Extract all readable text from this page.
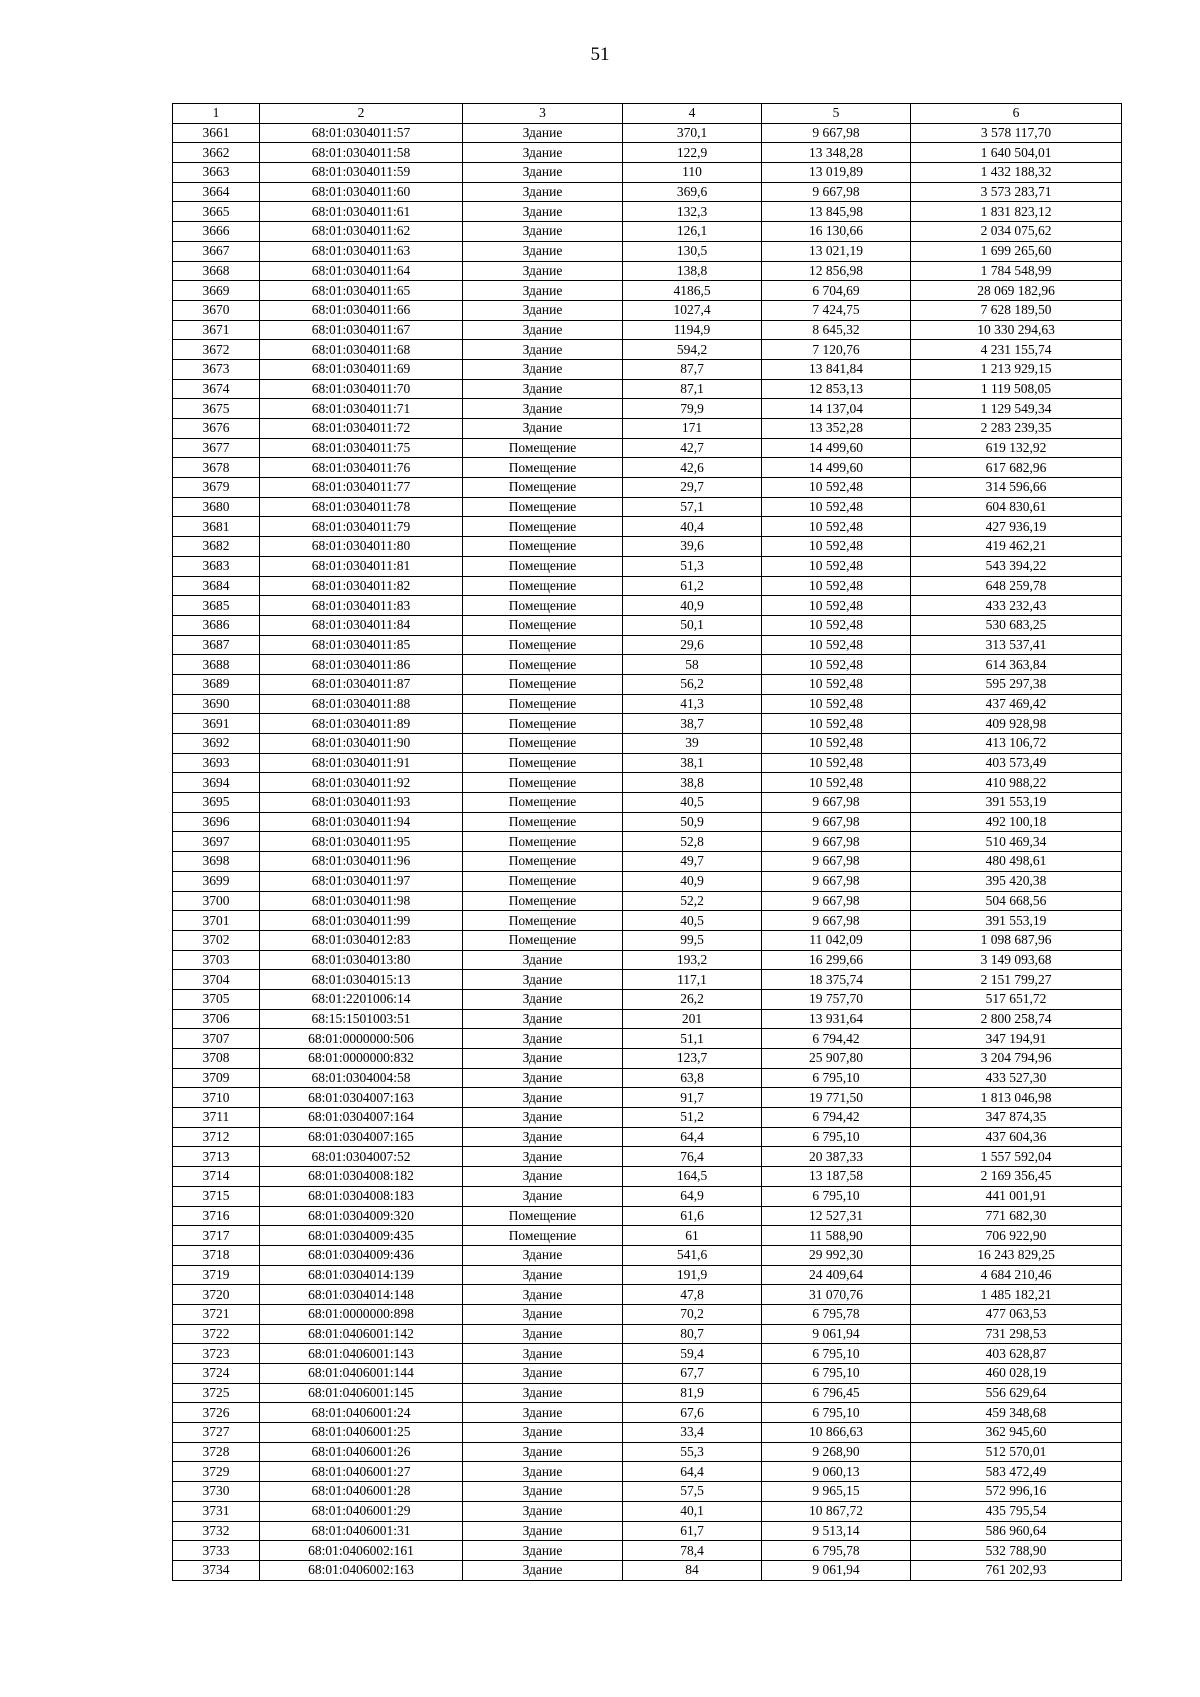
51
1	2	3	4	5	6
3661	68:01:0304011:57	Здание	370,1	9 667,98	3 578 117,70
3662	68:01:0304011:58	Здание	122,9	13 348,28	1 640 504,01
3663	68:01:0304011:59	Здание	110	13 019,89	1 432 188,32
3664	68:01:0304011:60	Здание	369,6	9 667,98	3 573 283,71
3665	68:01:0304011:61	Здание	132,3	13 845,98	1 831 823,12
3666	68:01:0304011:62	Здание	126,1	16 130,66	2 034 075,62
3667	68:01:0304011:63	Здание	130,5	13 021,19	1 699 265,60
3668	68:01:0304011:64	Здание	138,8	12 856,98	1 784 548,99
3669	68:01:0304011:65	Здание	4186,5	6 704,69	28 069 182,96
3670	68:01:0304011:66	Здание	1027,4	7 424,75	7 628 189,50
3671	68:01:0304011:67	Здание	1194,9	8 645,32	10 330 294,63
3672	68:01:0304011:68	Здание	594,2	7 120,76	4 231 155,74
3673	68:01:0304011:69	Здание	87,7	13 841,84	1 213 929,15
3674	68:01:0304011:70	Здание	87,1	12 853,13	1 119 508,05
3675	68:01:0304011:71	Здание	79,9	14 137,04	1 129 549,34
3676	68:01:0304011:72	Здание	171	13 352,28	2 283 239,35
3677	68:01:0304011:75	Помещение	42,7	14 499,60	619 132,92
3678	68:01:0304011:76	Помещение	42,6	14 499,60	617 682,96
3679	68:01:0304011:77	Помещение	29,7	10 592,48	314 596,66
3680	68:01:0304011:78	Помещение	57,1	10 592,48	604 830,61
3681	68:01:0304011:79	Помещение	40,4	10 592,48	427 936,19
3682	68:01:0304011:80	Помещение	39,6	10 592,48	419 462,21
3683	68:01:0304011:81	Помещение	51,3	10 592,48	543 394,22
3684	68:01:0304011:82	Помещение	61,2	10 592,48	648 259,78
3685	68:01:0304011:83	Помещение	40,9	10 592,48	433 232,43
3686	68:01:0304011:84	Помещение	50,1	10 592,48	530 683,25
3687	68:01:0304011:85	Помещение	29,6	10 592,48	313 537,41
3688	68:01:0304011:86	Помещение	58	10 592,48	614 363,84
3689	68:01:0304011:87	Помещение	56,2	10 592,48	595 297,38
3690	68:01:0304011:88	Помещение	41,3	10 592,48	437 469,42
3691	68:01:0304011:89	Помещение	38,7	10 592,48	409 928,98
3692	68:01:0304011:90	Помещение	39	10 592,48	413 106,72
3693	68:01:0304011:91	Помещение	38,1	10 592,48	403 573,49
3694	68:01:0304011:92	Помещение	38,8	10 592,48	410 988,22
3695	68:01:0304011:93	Помещение	40,5	9 667,98	391 553,19
3696	68:01:0304011:94	Помещение	50,9	9 667,98	492 100,18
3697	68:01:0304011:95	Помещение	52,8	9 667,98	510 469,34
3698	68:01:0304011:96	Помещение	49,7	9 667,98	480 498,61
3699	68:01:0304011:97	Помещение	40,9	9 667,98	395 420,38
3700	68:01:0304011:98	Помещение	52,2	9 667,98	504 668,56
3701	68:01:0304011:99	Помещение	40,5	9 667,98	391 553,19
3702	68:01:0304012:83	Помещение	99,5	11 042,09	1 098 687,96
3703	68:01:0304013:80	Здание	193,2	16 299,66	3 149 093,68
3704	68:01:0304015:13	Здание	117,1	18 375,74	2 151 799,27
3705	68:01:2201006:14	Здание	26,2	19 757,70	517 651,72
3706	68:15:1501003:51	Здание	201	13 931,64	2 800 258,74
3707	68:01:0000000:506	Здание	51,1	6 794,42	347 194,91
3708	68:01:0000000:832	Здание	123,7	25 907,80	3 204 794,96
3709	68:01:0304004:58	Здание	63,8	6 795,10	433 527,30
3710	68:01:0304007:163	Здание	91,7	19 771,50	1 813 046,98
3711	68:01:0304007:164	Здание	51,2	6 794,42	347 874,35
3712	68:01:0304007:165	Здание	64,4	6 795,10	437 604,36
3713	68:01:0304007:52	Здание	76,4	20 387,33	1 557 592,04
3714	68:01:0304008:182	Здание	164,5	13 187,58	2 169 356,45
3715	68:01:0304008:183	Здание	64,9	6 795,10	441 001,91
3716	68:01:0304009:320	Помещение	61,6	12 527,31	771 682,30
3717	68:01:0304009:435	Помещение	61	11 588,90	706 922,90
3718	68:01:0304009:436	Здание	541,6	29 992,30	16 243 829,25
3719	68:01:0304014:139	Здание	191,9	24 409,64	4 684 210,46
3720	68:01:0304014:148	Здание	47,8	31 070,76	1 485 182,21
3721	68:01:0000000:898	Здание	70,2	6 795,78	477 063,53
3722	68:01:0406001:142	Здание	80,7	9 061,94	731 298,53
3723	68:01:0406001:143	Здание	59,4	6 795,10	403 628,87
3724	68:01:0406001:144	Здание	67,7	6 795,10	460 028,19
3725	68:01:0406001:145	Здание	81,9	6 796,45	556 629,64
3726	68:01:0406001:24	Здание	67,6	6 795,10	459 348,68
3727	68:01:0406001:25	Здание	33,4	10 866,63	362 945,60
3728	68:01:0406001:26	Здание	55,3	9 268,90	512 570,01
3729	68:01:0406001:27	Здание	64,4	9 060,13	583 472,49
3730	68:01:0406001:28	Здание	57,5	9 965,15	572 996,16
3731	68:01:0406001:29	Здание	40,1	10 867,72	435 795,54
3732	68:01:0406001:31	Здание	61,7	9 513,14	586 960,64
3733	68:01:0406002:161	Здание	78,4	6 795,78	532 788,90
3734	68:01:0406002:163	Здание	84	9 061,94	761 202,93
